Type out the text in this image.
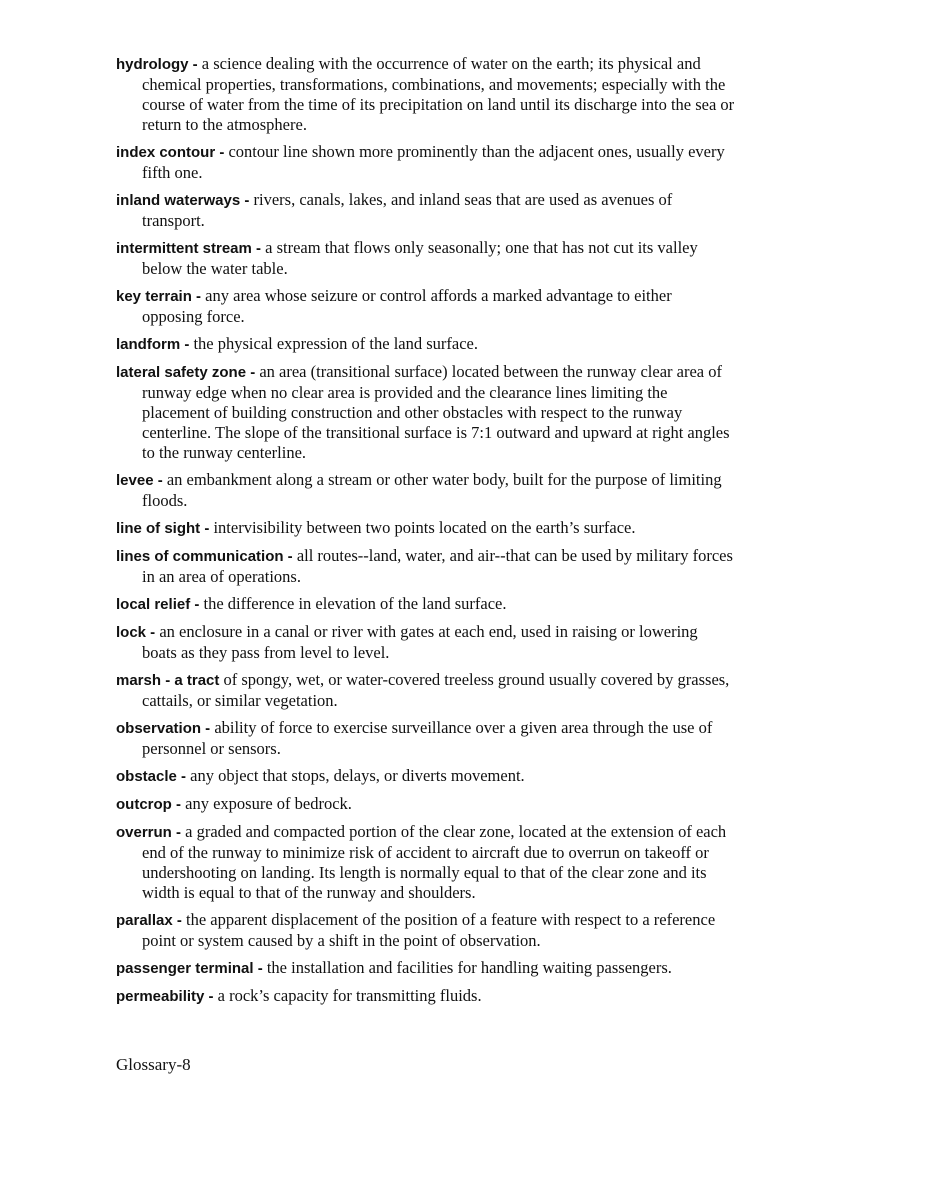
hydrology - a science dealing with the occurrence of water on the earth; its physical and chemical properties, transformations, combinations, and movements; especially with the course of water from the time of its precipitation on land until its discharge into the sea or return to the atmosphere.

index contour - contour line shown more prominently than the adjacent ones, usually every fifth one.

inland waterways - rivers, canals, lakes, and inland seas that are used as avenues of transport.

intermittent stream - a stream that flows only seasonally; one that has not cut its valley below the water table.

key terrain - any area whose seizure or control affords a marked advantage to either opposing force.

landform - the physical expression of the land surface.

lateral safety zone - an area (transitional surface) located between the runway clear area of runway edge when no clear area is provided and the clearance lines limiting the placement of building construction and other obstacles with respect to the runway centerline. The slope of the transitional surface is 7:1 outward and upward at right angles to the runway centerline.

levee - an embankment along a stream or other water body, built for the purpose of limiting floods.

line of sight - intervisibility between two points located on the earth’s surface.

lines of communication - all routes--land, water, and air--that can be used by military forces in an area of operations.

local relief - the difference in elevation of the land surface.

lock - an enclosure in a canal or river with gates at each end, used in raising or lowering boats as they pass from level to level.

marsh - a tract of spongy, wet, or water-covered treeless ground usually covered by grasses, cattails, or similar vegetation.

observation - ability of force to exercise surveillance over a given area through the use of personnel or sensors.

obstacle - any object that stops, delays, or diverts movement.

outcrop - any exposure of bedrock.

overrun - a graded and compacted portion of the clear zone, located at the extension of each end of the runway to minimize risk of accident to aircraft due to overrun on takeoff or undershooting on landing. Its length is normally equal to that of the clear zone and its width is equal to that of the runway and shoulders.

parallax - the apparent displacement of the position of a feature with respect to a reference point or system caused by a shift in the point of observation.

passenger terminal - the installation and facilities for handling waiting passengers.

permeability - a rock’s capacity for transmitting fluids.

Glossary-8
